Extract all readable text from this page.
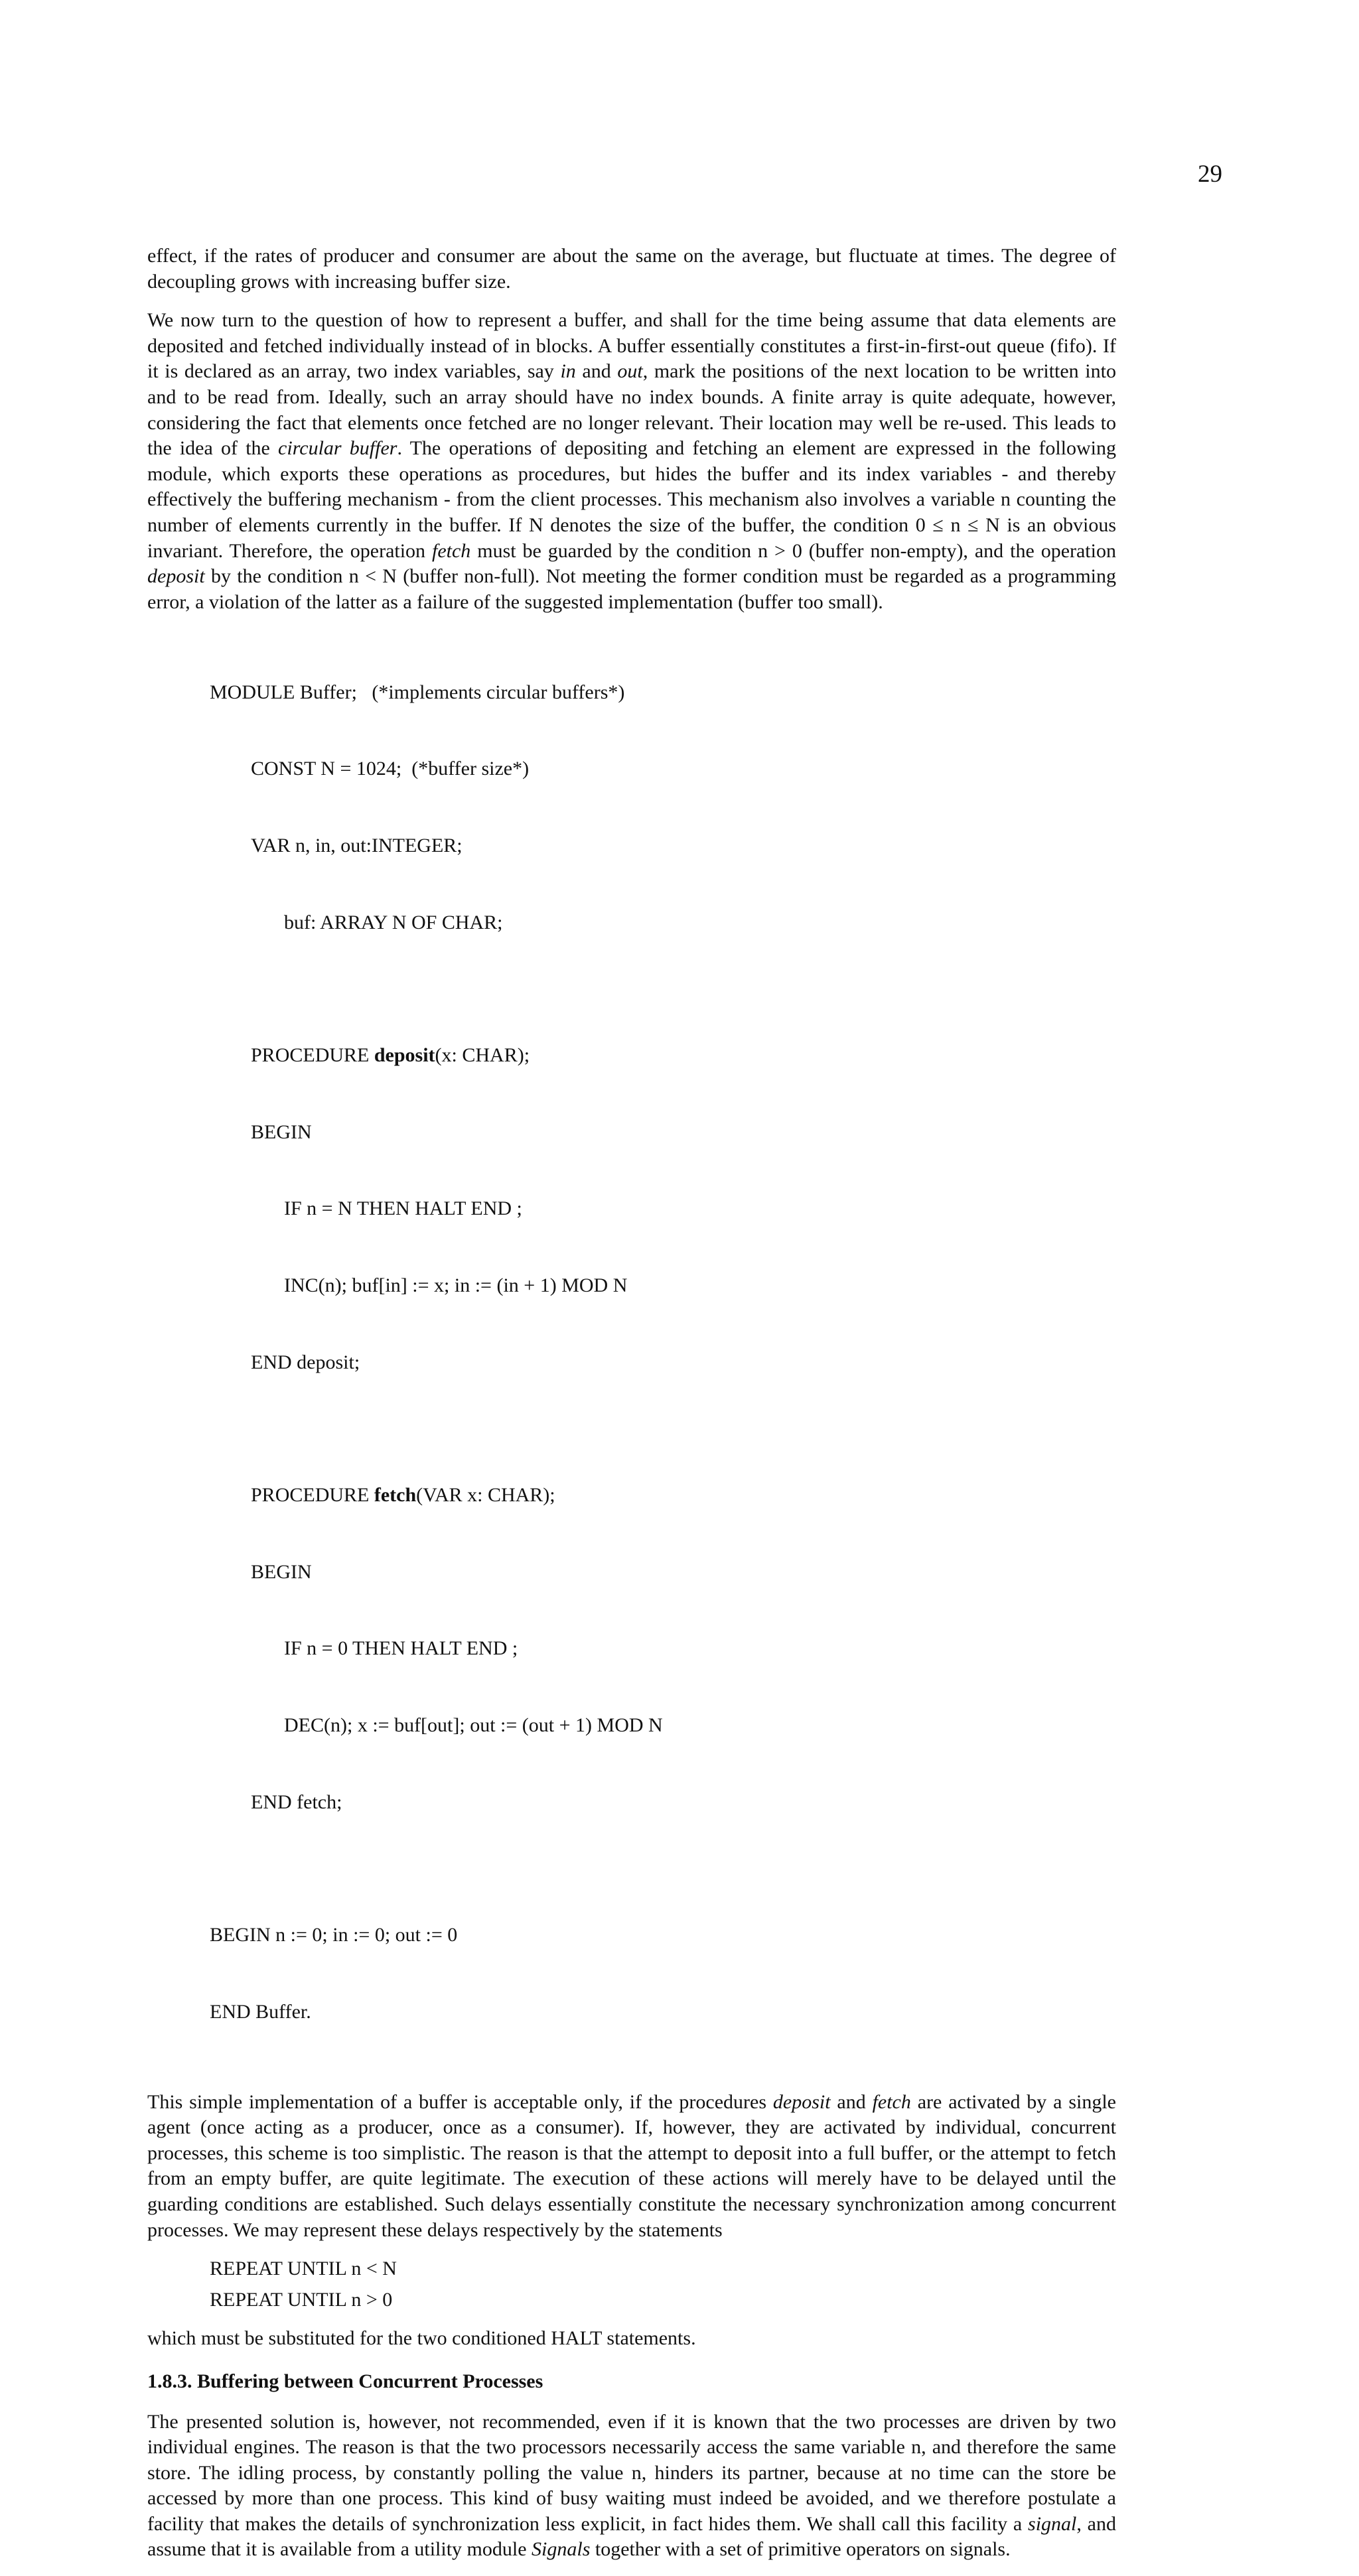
29

effect, if the rates of producer and consumer are about the same on the average, but fluctuate at times. The degree of decoupling grows with increasing buffer size.

We now turn to the question of how to represent a buffer, and shall for the time being assume that data elements are deposited and fetched individually instead of in blocks. A buffer essentially constitutes a first-in-first-out queue (fifo). If it is declared as an array, two index variables, say in and out, mark the positions of the next location to be written into and to be read from. Ideally, such an array should have no index bounds. A finite array is quite adequate, however, considering the fact that elements once fetched are no longer relevant. Their location may well be re-used. This leads to the idea of the circular buffer. The operations of depositing and fetching an element are expressed in the following module, which exports these operations as procedures, but hides the buffer and its index variables - and thereby effectively the buffering mechanism - from the client processes. This mechanism also involves a variable n counting the number of elements currently in the buffer. If N denotes the size of the buffer, the condition 0 ≤ n ≤ N is an obvious invariant. Therefore, the operation fetch must be guarded by the condition n > 0 (buffer non-empty), and the operation deposit by the condition n < N (buffer non-full). Not meeting the former condition must be regarded as a programming error, a violation of the latter as a failure of the suggested implementation (buffer too small).

MODULE Buffer;   (*implements circular buffers*)

CONST N = 1024;  (*buffer size*)

VAR n, in, out:INTEGER;

buf: ARRAY N OF CHAR;

PROCEDURE deposit(x: CHAR);

BEGIN

IF n = N THEN HALT END ;

INC(n); buf[in] := x; in := (in + 1) MOD N

END deposit;

PROCEDURE fetch(VAR x: CHAR);

BEGIN

IF n = 0 THEN HALT END ;

DEC(n); x := buf[out]; out := (out + 1) MOD N

END fetch;

BEGIN n := 0; in := 0; out := 0

END Buffer.

This simple implementation of a buffer is acceptable only, if the procedures deposit and fetch are activated by a single agent (once acting as a producer, once as a consumer). If, however, they are activated by individual, concurrent processes, this scheme is too simplistic. The reason is that the attempt to deposit into a full buffer, or the attempt to fetch from an empty buffer, are quite legitimate. The execution of these actions will merely have to be delayed until the guarding conditions are established. Such delays essentially constitute the necessary synchronization among concurrent processes. We may represent these delays respectively by the statements

REPEAT UNTIL n < N
REPEAT UNTIL n > 0

which must be substituted for the two conditioned HALT statements.

1.8.3. Buffering between Concurrent Processes

The presented solution is, however, not recommended, even if it is known that the two processes are driven by two individual engines. The reason is that the two processors necessarily access the same variable n, and therefore the same store. The idling process, by constantly polling the value n, hinders its partner, because at no time can the store be accessed by more than one process. This kind of busy waiting must indeed be avoided, and we therefore postulate a facility that makes the details of synchronization less explicit, in fact hides them. We shall call this facility a signal, and assume that it is available from a utility module Signals together with a set of primitive operators on signals.
